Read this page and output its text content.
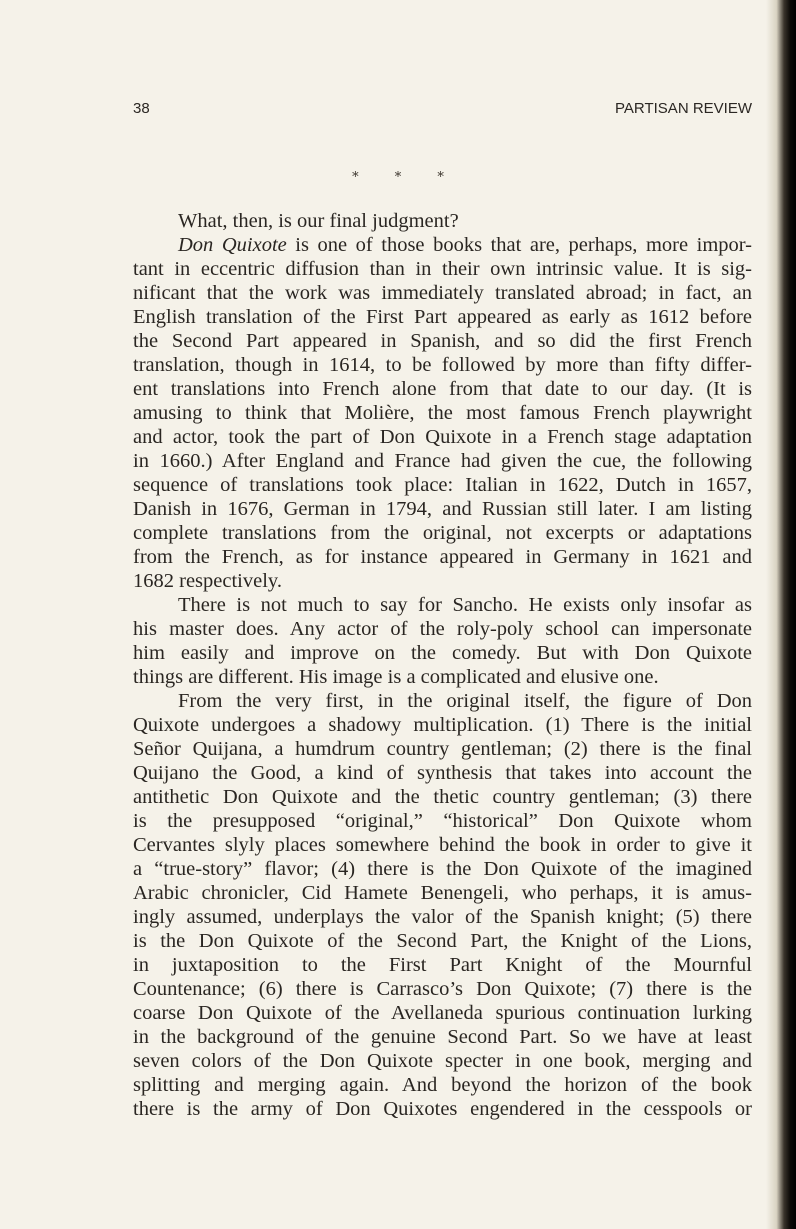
38	PARTISAN REVIEW
* * *
What, then, is our final judgment?
Don Quixote is one of those books that are, perhaps, more impor-
tant in eccentric diffusion than in their own intrinsic value. It is sig-
nificant that the work was immediately translated abroad; in fact, an
English translation of the First Part appeared as early as 1612 before
the Second Part appeared in Spanish, and so did the first French
translation, though in 1614, to be followed by more than fifty differ-
ent translations into French alone from that date to our day. (It is
amusing to think that Molière, the most famous French playwright
and actor, took the part of Don Quixote in a French stage adaptation
in 1660.) After England and France had given the cue, the following
sequence of translations took place: Italian in 1622, Dutch in 1657,
Danish in 1676, German in 1794, and Russian still later. I am listing
complete translations from the original, not excerpts or adaptations
from the French, as for instance appeared in Germany in 1621 and
1682 respectively.
There is not much to say for Sancho. He exists only insofar as
his master does. Any actor of the roly-poly school can impersonate
him easily and improve on the comedy. But with Don Quixote
things are different. His image is a complicated and elusive one.
From the very first, in the original itself, the figure of Don
Quixote undergoes a shadowy multiplication. (1) There is the initial
Señor Quijana, a humdrum country gentleman; (2) there is the final
Quijano the Good, a kind of synthesis that takes into account the
antithetic Don Quixote and the thetic country gentleman; (3) there
is the presupposed “original,” “historical” Don Quixote whom
Cervantes slyly places somewhere behind the book in order to give it
a “true-story” flavor; (4) there is the Don Quixote of the imagined
Arabic chronicler, Cid Hamete Benengeli, who perhaps, it is amus-
ingly assumed, underplays the valor of the Spanish knight; (5) there
is the Don Quixote of the Second Part, the Knight of the Lions,
in juxtaposition to the First Part Knight of the Mournful
Countenance; (6) there is Carrasco’s Don Quixote; (7) there is the
coarse Don Quixote of the Avellaneda spurious continuation lurking
in the background of the genuine Second Part. So we have at least
seven colors of the Don Quixote specter in one book, merging and
splitting and merging again. And beyond the horizon of the book
there is the army of Don Quixotes engendered in the cesspools or
